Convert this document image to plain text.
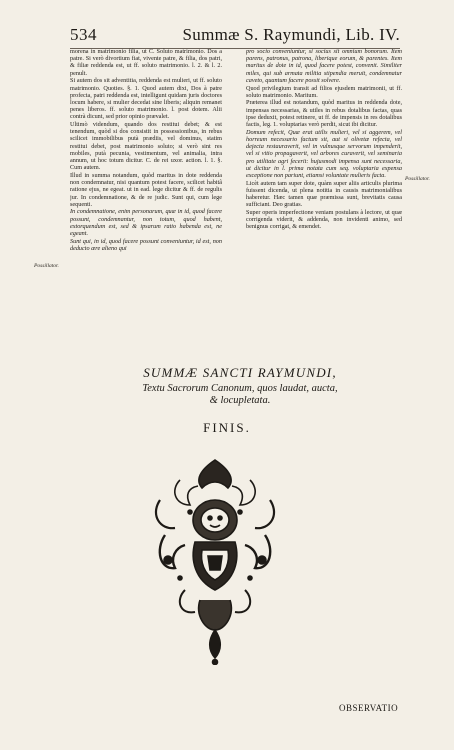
534	Summæ S. Raymundi, Lib. IV.

morena in matrimonio filia, ut C. Soluto matrimonio. Dos a patre. Si verò divortium fiat, vivente patre, & filia, dos patri, & filiæ reddenda est, ut ff. soluto matrimonio. l. 2. & l. 2. penult.

Si autem dos sit adventitia, reddenda est mulieri, ut ff. soluto matrimonio. Quoties. §. 1. Quod autem dixi, Dos à patre profecta, patri reddenda est, intelligunt quidam juris doctores locum habere, si mulier decedat sine liberis; aliquin remanet penes liberos. ff. soluto matrimonio. l. post dotem. Alii contrà dicunt, sed prior opinio prævalet.

Ultimò videndum, quando dos restitui debet; & est tenendum, quòd si dos consistit in possessionibus, in rebus scilicet immobilibus putà prædiis, vel dominus, statim restitui debet, post matrimonio soluto; si verò sint res mobiles, putà pecunia, vestimentum, vel animalia, intra annum, ut hoc totum dicitur. C. de rei uxor. action. l. 1. §. Cum autem.

Illud in summa notandum, quòd maritus in dote reddenda non condemnatur, nisi quantum potest facere, scilicet habitâ ratione ejus, ne egeat. ut in ead. lege dicitur & ff. de regulis jur. In condemnatione, & de re judic. Sunt qui, cum lege sequenti.

In condemnatione, enim personarum, quæ in id, quod facere possunt, condemnantur, non totum, quod habent, extorquendum est, sed & ipsarum ratio habenda est, ne egeant.

Sunt qui, in id, quod facere possunt conveniuntur, id est, non deducto ære alieno qui

pro socio conveniuntur, si socius sit omnium bonorum. Item parens, patronus, patrona, liberique eorum, & parentes. Item maritus de dote in id, quod facere potest, convenit. Similiter miles, qui sub armata militia stipendia meruit, condemnatur caveto, quantum facere possit solvere.

Quod privilegium transit ad filios ejusdem matrimonii, ut ff. soluto matrimonio. Maritum.

Præterea illud est notandum, quòd maritus in reddenda dote, impensas necessarias, & utiles in rebus dotalibus factas, quas ipse deduxit, potest retinere, ut ff. de impensis in res dotalibus factis, leg. 1. voluptarias verò perdit, sicut ibi dicitur.

Domum refecit, Quæ erat utilis mulieri, vel si aggerem, vel horreum necessario factum sit, aut si olivetæ refecta, vel dejecta restauraverit, vel in vulnusque servorum impenderit, vel si vitio propagaverit, vel arbores curaverit, vel seminaria pro utilitate agri fecerit: hujusmodi impensa sunt necessaria, ut dicitur in l. prima notata cum seq. voluptaria expensa exceptione non pariunt, etiamsi voluntate mulieris facta.

Licèt autem tam super dote, quàm super aliis articulis plurima fuissent dicenda, ut plena notitia in causis matrimonialibus haberetur. Hæc tamen quæ præmissa sunt, brevitatis causa sufficiant. Deo gratias.

Super operis imperfectione veniam postulans à lectore, ut quæ corrigenda viderit, & addenda, non invidenti animo, sed benignus corrigat, & emendet.

Possillator.
Possillator.
SUMMÆ SANCTI RAYMUNDI,
Textu Sacrorum Canonum, quos laudat, aucta,
& locupletata.
FINIS.
OBSERVATIO
